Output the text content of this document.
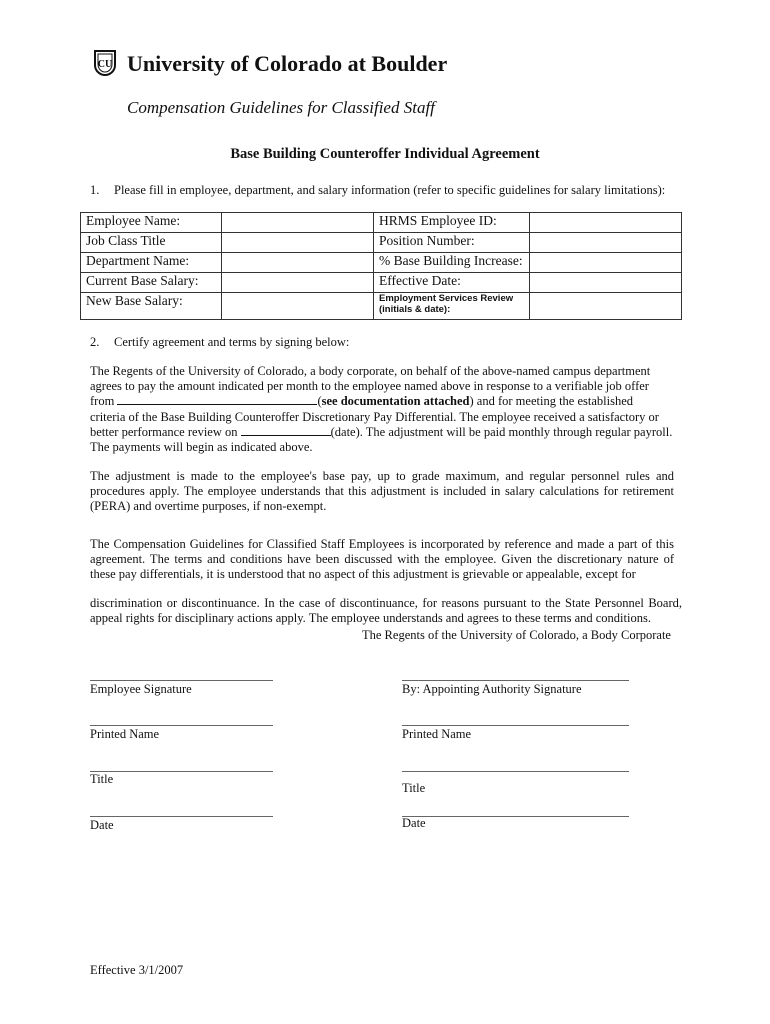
CU University of Colorado at Boulder
Compensation Guidelines for Classified Staff
Base Building Counteroffer Individual Agreement
1. Please fill in employee, department, and salary information (refer to specific guidelines for salary limitations):
Employee Name:		HRMS Employee ID:	
Job Class Title		Position Number:	
Department Name:		% Base Building Increase:	
Current Base Salary:		Effective Date:	
New Base Salary:		Employment Services Review
(initials & date):	

2. Certify agreement and terms by signing below:
The Regents of the University of Colorado, a body corporate, on behalf of the above-named campus department
agrees to pay the amount indicated per month to the employee named above in response to a verifiable job offer
from	(see documentation attached) and for meeting the established
criteria of the Base Building Counteroffer Discretionary Pay Differential. The employee received a satisfactory or
better performance review on	(date). The adjustment will be paid monthly through regular payroll.
The payments will begin as indicated above.
The adjustment is made to the employee's base pay, up to grade maximum, and regular personnel rules and procedures apply. The employee understands that this adjustment is included in salary calculations for retirement (PERA) and overtime purposes, if non-exempt.
The Compensation Guidelines for Classified Staff Employees is incorporated by reference and made a part of this agreement. The terms and conditions have been discussed with the employee. Given the discretionary nature of these pay differentials, it is understood that no aspect of this adjustment is grievable or appealable, except for
discrimination or discontinuance. In the case of discontinuance, for reasons pursuant to the State Personnel Board, appeal rights for disciplinary actions apply. The employee understands and agrees to these terms and conditions.
The Regents of the University of Colorado, a Body Corporate
Employee Signature	By: Appointing Authority Signature
Printed Name	Printed Name
Title
Title
Date	Date
Effective 3/1/2007
